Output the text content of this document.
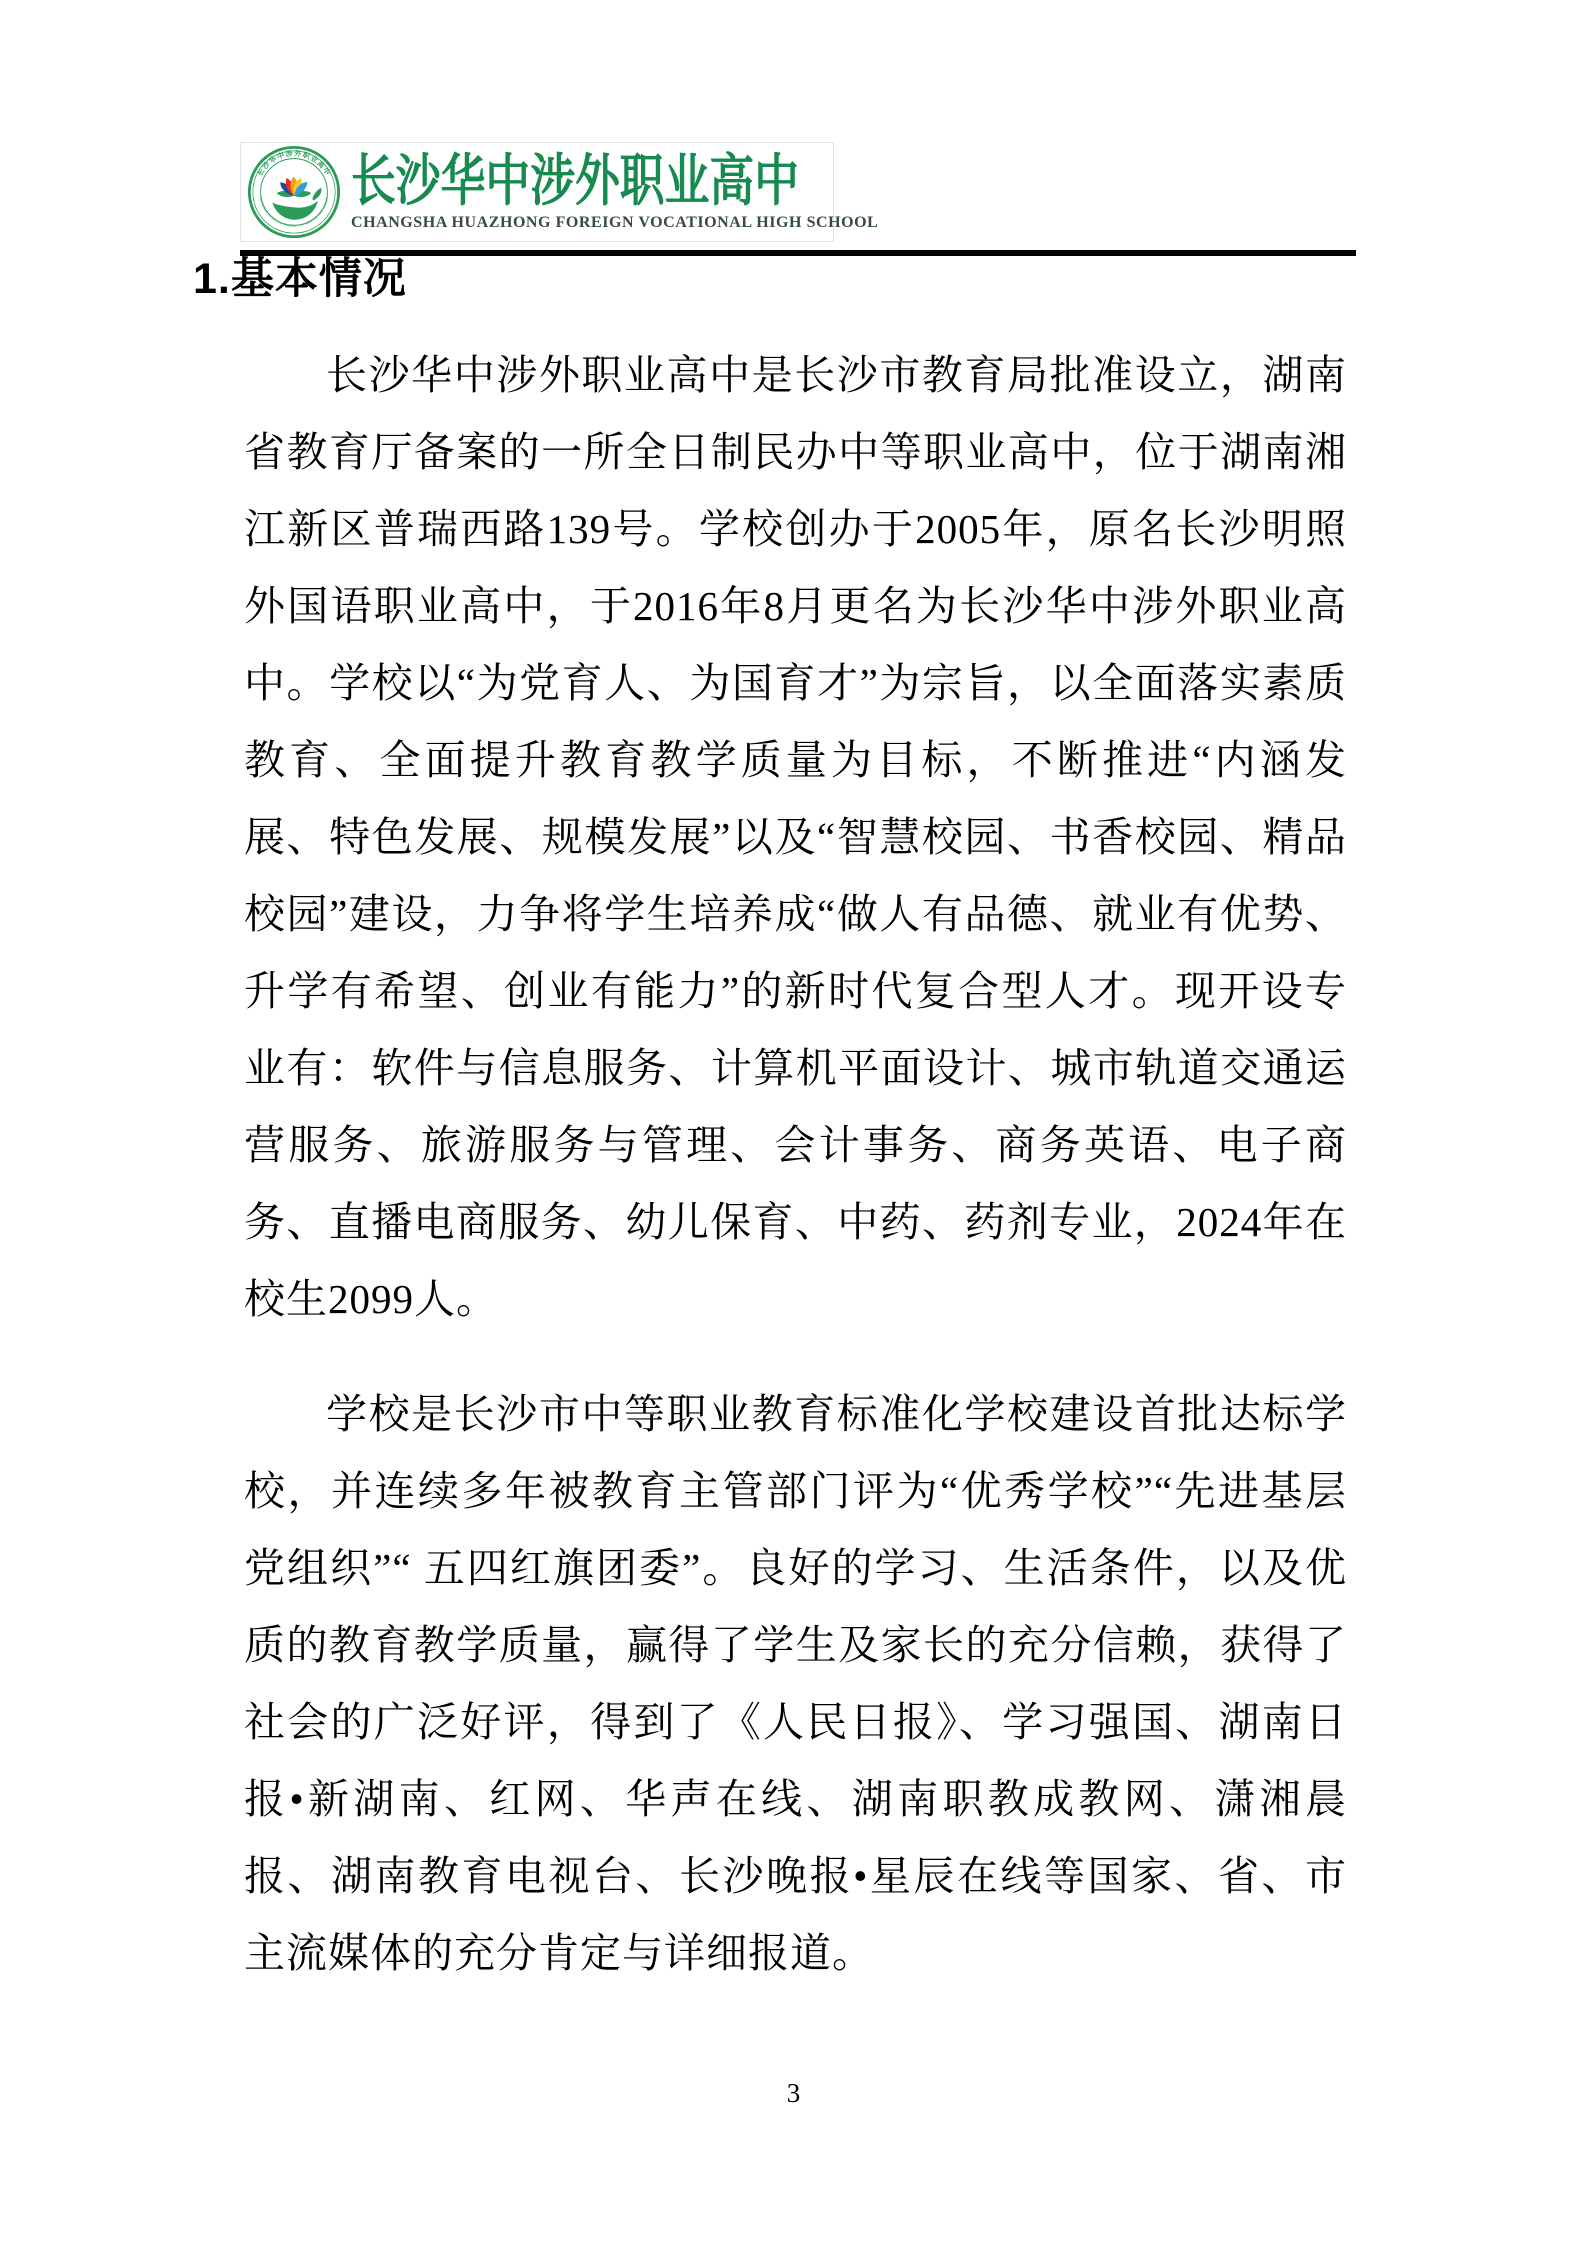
长沙华中涉外职业高中
CHANGSHA HUAZHONG FOREIGN VOCATIONAL HIGH SCHOOL 长沙华中涉外职业高中
CHANGSHA HUAZHONG FOREIGN VOCATIONAL HIGH SCHOOL
1.基本情况

长沙华中涉外职业高中是长沙市教育局批准设立，湖南省教育厅备案的一所全日制民办中等职业高中，位于湖南湘江新区普瑞西路139号。学校创办于2005年，原名长沙明照外国语职业高中，于2016年8月更名为长沙华中涉外职业高中。学校以“为党育人、为国育才”为宗旨，以全面落实素质教育、全面提升教育教学质量为目标，不断推进“内涵发展、特色发展、规模发展”以及“智慧校园、书香校园、精品校园”建设，力争将学生培养成“做人有品德、就业有优势、升学有希望、创业有能力”的新时代复合型人才。现开设专业有：软件与信息服务、计算机平面设计、城市轨道交通运营服务、旅游服务与管理、会计事务、商务英语、电子商务、直播电商服务、幼儿保育、中药、药剂专业，2024年在校生2099人。

学校是长沙市中等职业教育标准化学校建设首批达标学校，并连续多年被教育主管部门评为“优秀学校”“先进基层党组织”“ 五四红旗团委”。良好的学习、生活条件，以及优质的教育教学质量，赢得了学生及家长的充分信赖，获得了社会的广泛好评，得到了《人民日报》、学习强国、湖南日报•新湖南、红网、华声在线、湖南职教成教网、潇湘晨报、湖南教育电视台、长沙晚报•星辰在线等国家、省、市主流媒体的充分肯定与详细报道。

3
